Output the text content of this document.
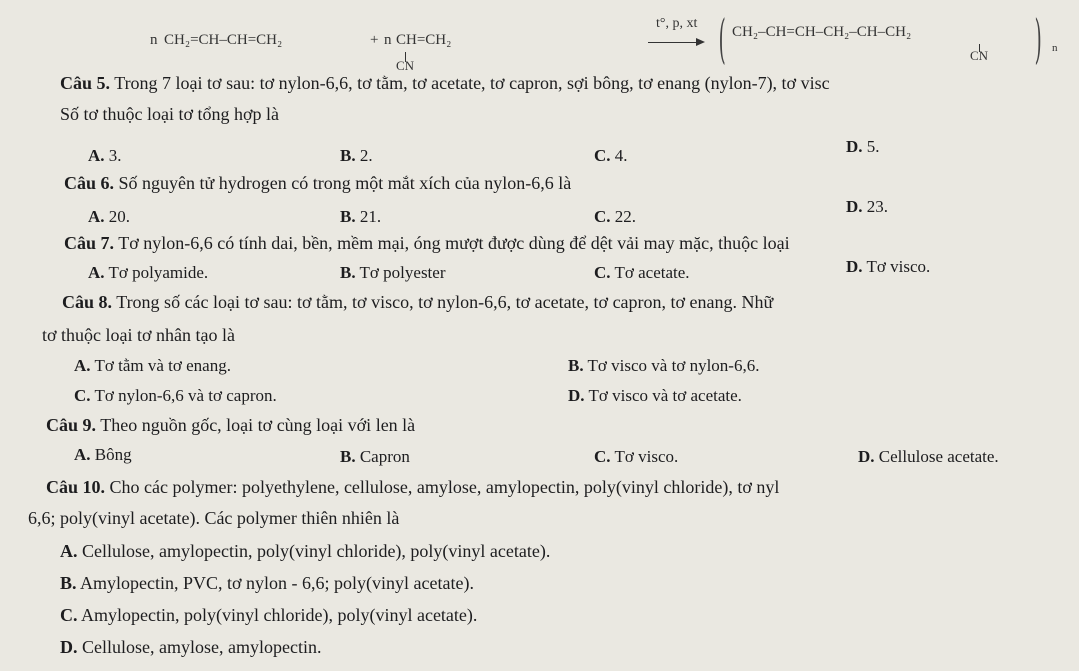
n CH₂=CH–CH=CH₂	+ n CH=CH₂
CN
t°, p, xt ( CH₂–CH=CH–CH₂–CH–CH₂
CN ) n
Câu 5. Trong 7 loại tơ sau: tơ nylon-6,6, tơ tằm, tơ acetate, tơ capron, sợi bông, tơ enang (nylon-7), tơ visc
Số tơ thuộc loại tơ tổng hợp là
A. 3.	B. 2.	C. 4.	D. 5.
Câu 6. Số nguyên tử hydrogen có trong một mắt xích của nylon-6,6 là
A. 20.	B. 21.	C. 22.
D. 23.
Câu 7. Tơ nylon-6,6 có tính dai, bền, mềm mại, óng mượt được dùng để dệt vải may mặc, thuộc loại
A. Tơ polyamide.	B. Tơ polyester	C. Tơ acetate.	D. Tơ visco.
Câu 8. Trong số các loại tơ sau: tơ tằm, tơ visco, tơ nylon-6,6, tơ acetate, tơ capron, tơ enang. Nhữ
tơ thuộc loại tơ nhân tạo là
A. Tơ tằm và tơ enang.	B. Tơ visco và tơ nylon-6,6.
C. Tơ nylon-6,6 và tơ capron.	D. Tơ visco và tơ acetate.
Câu 9. Theo nguồn gốc, loại tơ cùng loại với len là
A. Bông	B. Capron	C. Tơ visco.	D. Cellulose acetate.
Câu 10. Cho các polymer: polyethylene, cellulose, amylose, amylopectin, poly(vinyl chloride), tơ nyl
6,6; poly(vinyl acetate). Các polymer thiên nhiên là
A. Cellulose, amylopectin, poly(vinyl chloride), poly(vinyl acetate).
B. Amylopectin, PVC, tơ nylon - 6,6; poly(vinyl acetate).
C. Amylopectin, poly(vinyl chloride), poly(vinyl acetate).
D. Cellulose, amylose, amylopectin.
